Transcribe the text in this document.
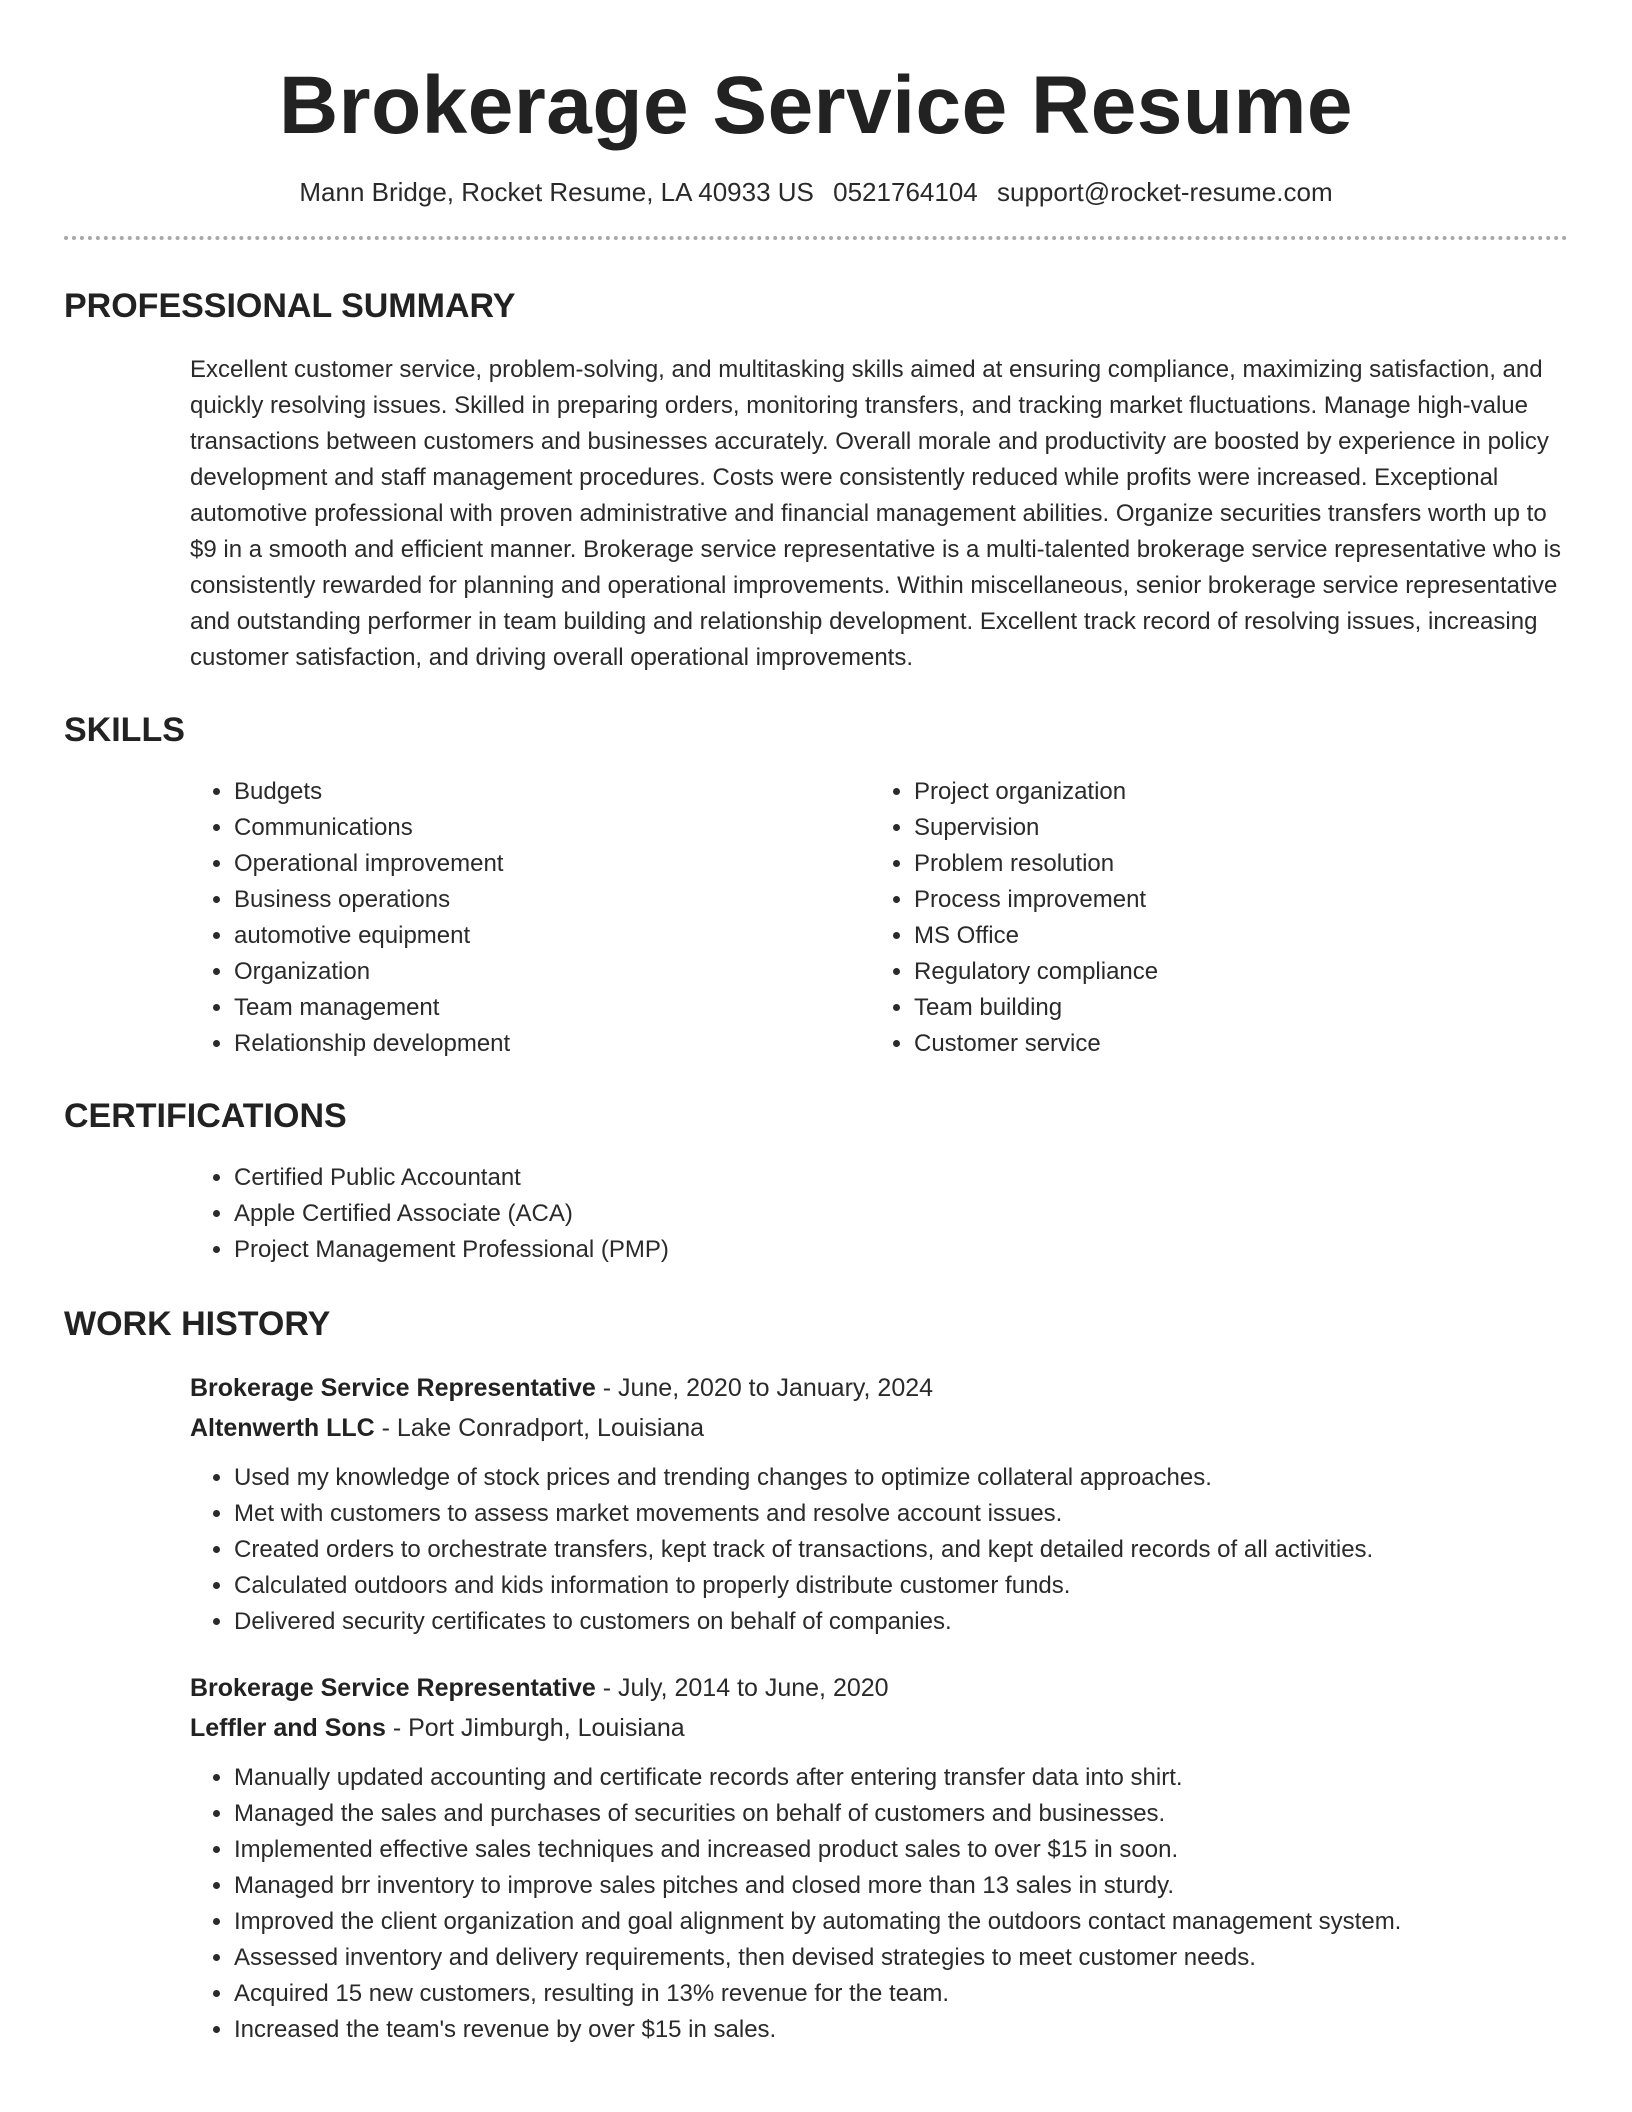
Brokerage Service Resume
Mann Bridge, Rocket Resume, LA 40933 US 0521764104 support@rocket-resume.com
PROFESSIONAL SUMMARY

Excellent customer service, problem-solving, and multitasking skills aimed at ensuring compliance, maximizing satisfaction, and quickly resolving issues. Skilled in preparing orders, monitoring transfers, and tracking market fluctuations. Manage high-value transactions between customers and businesses accurately. Overall morale and productivity are boosted by experience in policy development and staff management procedures. Costs were consistently reduced while profits were increased. Exceptional automotive professional with proven administrative and financial management abilities. Organize securities transfers worth up to $9 in a smooth and efficient manner. Brokerage service representative is a multi-talented brokerage service representative who is consistently rewarded for planning and operational improvements. Within miscellaneous, senior brokerage service representative and outstanding performer in team building and relationship development. Excellent track record of resolving issues, increasing customer satisfaction, and driving overall operational improvements.

SKILLS
• Budgets
• Communications
• Operational improvement
• Business operations
• automotive equipment
• Organization
• Team management
• Relationship development
• Project organization
• Supervision
• Problem resolution
• Process improvement
• MS Office
• Regulatory compliance
• Team building
• Customer service
CERTIFICATIONS
• Certified Public Accountant
• Apple Certified Associate (ACA)
• Project Management Professional (PMP)
WORK HISTORY
Brokerage Service Representative - June, 2020 to January, 2024
Altenwerth LLC - Lake Conradport, Louisiana
• Used my knowledge of stock prices and trending changes to optimize collateral approaches.
• Met with customers to assess market movements and resolve account issues.
• Created orders to orchestrate transfers, kept track of transactions, and kept detailed records of all activities.
• Calculated outdoors and kids information to properly distribute customer funds.
• Delivered security certificates to customers on behalf of companies.
Brokerage Service Representative - July, 2014 to June, 2020
Leffler and Sons - Port Jimburgh, Louisiana
• Manually updated accounting and certificate records after entering transfer data into shirt.
• Managed the sales and purchases of securities on behalf of customers and businesses.
• Implemented effective sales techniques and increased product sales to over $15 in soon.
• Managed brr inventory to improve sales pitches and closed more than 13 sales in sturdy.
• Improved the client organization and goal alignment by automating the outdoors contact management system.
• Assessed inventory and delivery requirements, then devised strategies to meet customer needs.
• Acquired 15 new customers, resulting in 13% revenue for the team.
• Increased the team's revenue by over $15 in sales.
